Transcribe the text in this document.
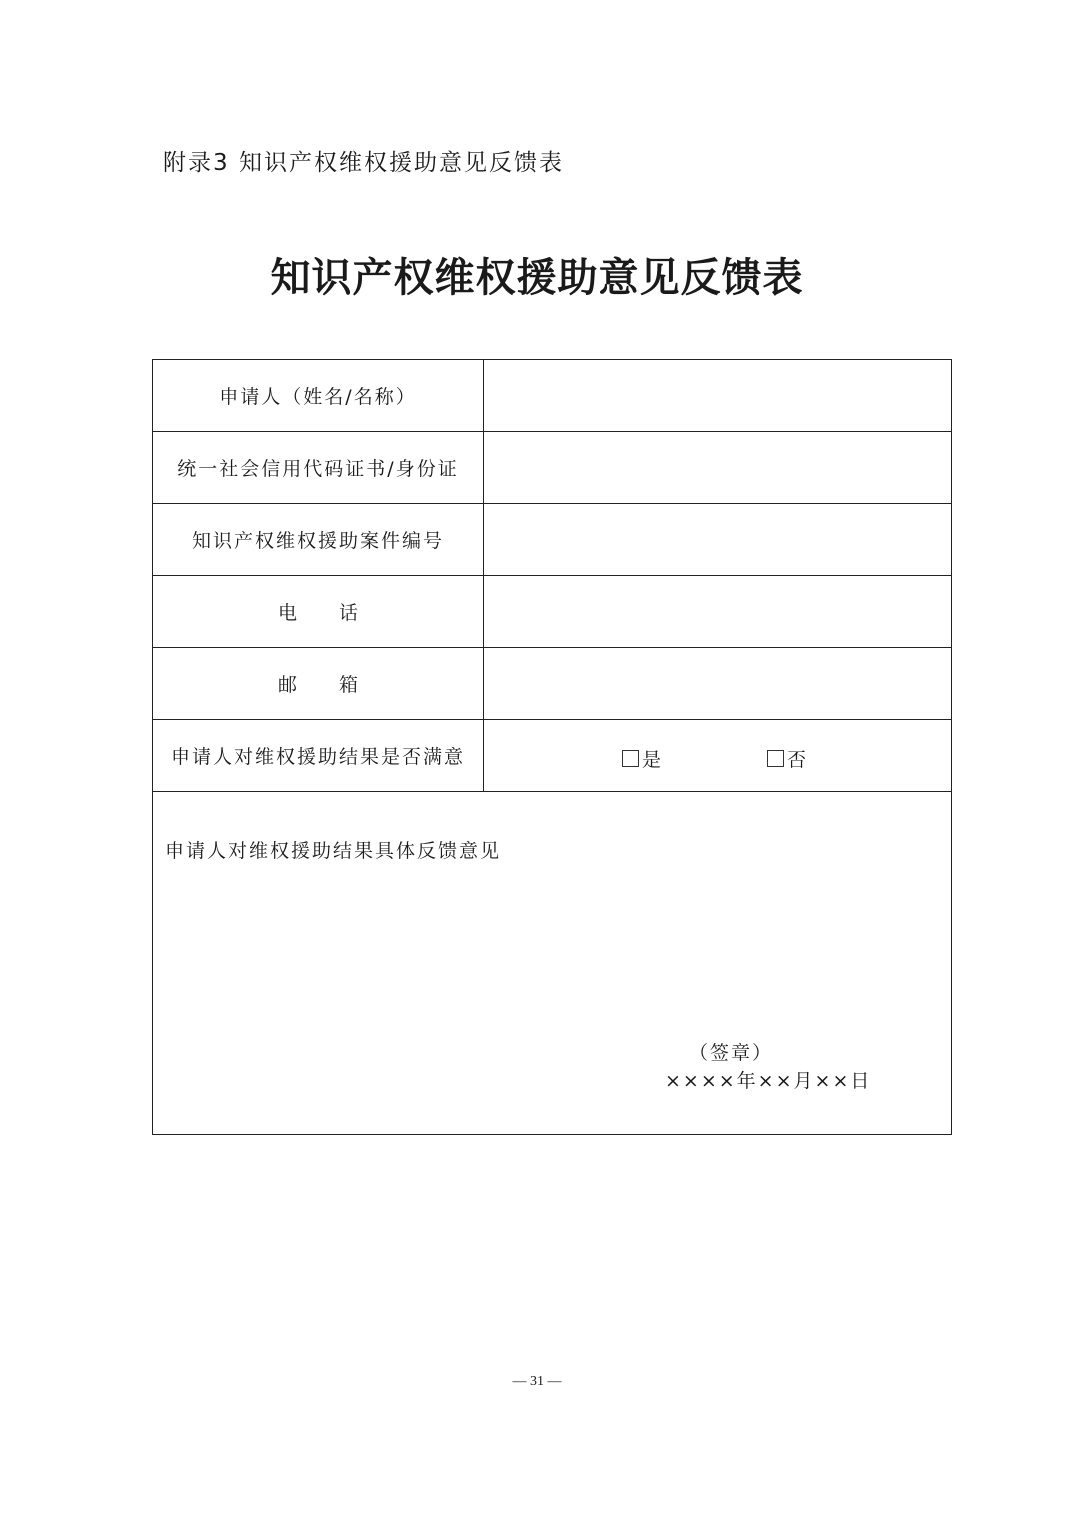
附录3 知识产权维权援助意见反馈表
知识产权维权援助意见反馈表
申请人（姓名/名称）	
统一社会信用代码证书/身份证	
知识产权维权援助案件编号	
电话	
邮箱	
申请人对维权援助结果是否满意	是 否

申请人对维权援助结果具体反馈意见
（签章）
××××年××月××日	
— 31 —
